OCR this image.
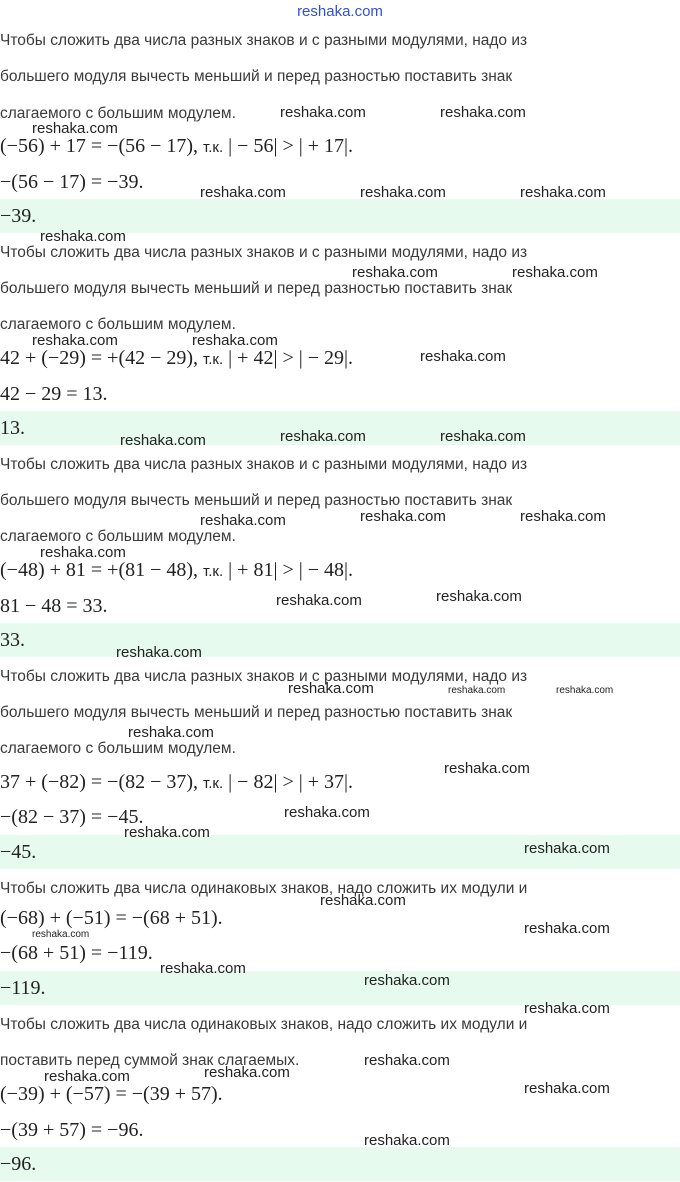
reshaka.com
Чтобы сложить два числа разных знаков и с разными модулями, надо из
большего модуля вычесть меньший и перед разностью поставить знак
слагаемого с большим модулем.
(−56) + 17 = −(56 − 17), т.к. | − 56| > | + 17|.
−(56 − 17) = −39.
−39.
Чтобы сложить два числа разных знаков и с разными модулями, надо из
большего модуля вычесть меньший и перед разностью поставить знак
слагаемого с большим модулем.
42 + (−29) = +(42 − 29), т.к. | + 42| > | − 29|.
42 − 29 = 13.
13.
Чтобы сложить два числа разных знаков и с разными модулями, надо из
большего модуля вычесть меньший и перед разностью поставить знак
слагаемого с большим модулем.
(−48) + 81 = +(81 − 48), т.к. | + 81| > | − 48|.
81 − 48 = 33.
33.
Чтобы сложить два числа разных знаков и с разными модулями, надо из
большего модуля вычесть меньший и перед разностью поставить знак
слагаемого с большим модулем.
37 + (−82) = −(82 − 37), т.к. | − 82| > | + 37|.
−(82 − 37) = −45.
−45.
Чтобы сложить два числа одинаковых знаков, надо сложить их модули и
(−68) + (−51) = −(68 + 51).
−(68 + 51) = −119.
−119.
Чтобы сложить два числа одинаковых знаков, надо сложить их модули и
поставить перед суммой знак слагаемых.
(−39) + (−57) = −(39 + 57).
−(39 + 57) = −96.
−96.
reshaka.com	reshaka.com
reshaka.com
reshaka.com	reshaka.com	reshaka.com
reshaka.com
reshaka.com	reshaka.com
reshaka.com	reshaka.com
reshaka.com
reshaka.com	reshaka.com
reshaka.com
reshaka.com	reshaka.com
reshaka.com
reshaka.com
reshaka.com
reshaka.com
reshaka.com
reshaka.com	reshaka.com	reshaka.com
reshaka.com
reshaka.com
reshaka.com
reshaka.com
reshaka.com
reshaka.com
reshaka.com
reshaka.com
reshaka.com
reshaka.com
reshaka.com
reshaka.com
reshaka.com
reshaka.com
reshaka.com
reshaka.com
